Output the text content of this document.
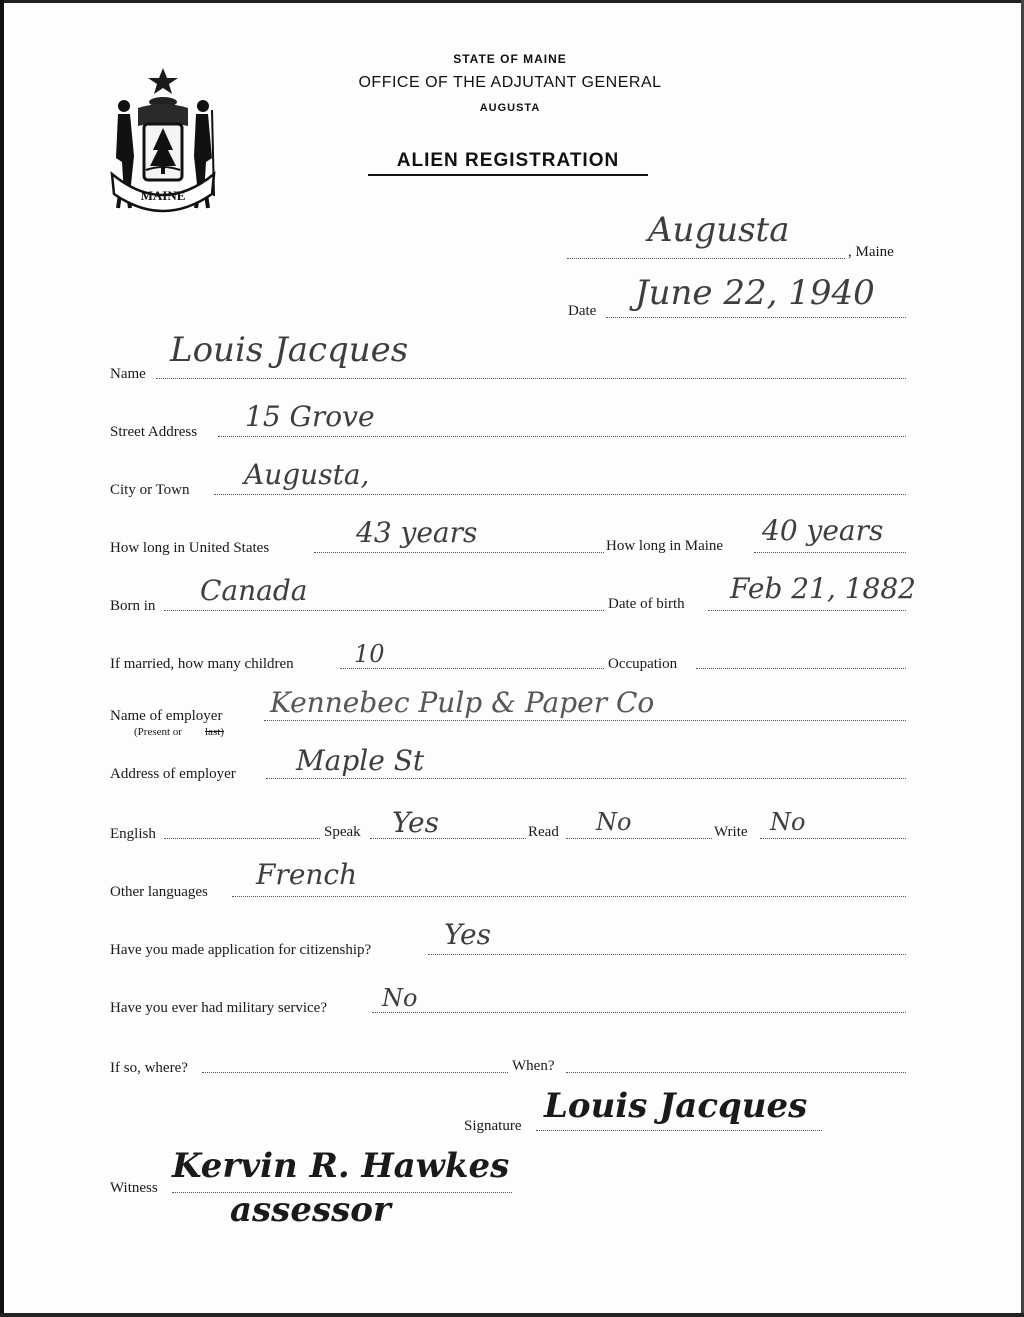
MAINE
STATE OF MAINE
OFFICE OF THE ADJUTANT GENERAL
AUGUSTA
ALIEN REGISTRATION
Augusta
, Maine
Date June 22, 1940
Name
Louis Jacques
Street Address 15 Grove
City or Town Augusta,
How long in United States	43 years	How long in Maine 40 years
Born in Canada	Date of birth Feb 21, 1882
If married, how many children	10	Occupation
Name of employer
(Present or last)
Kennebec Pulp & Paper Co
Address of employer Maple St
English	Speak Yes	Read No	Write No
Other languages
French
Have you made application for citizenship?	Yes
Have you ever had military service? No
If so, where?	When?
Signature Louis Jacques
Witness
Kervin R. Hawkes
assessor
